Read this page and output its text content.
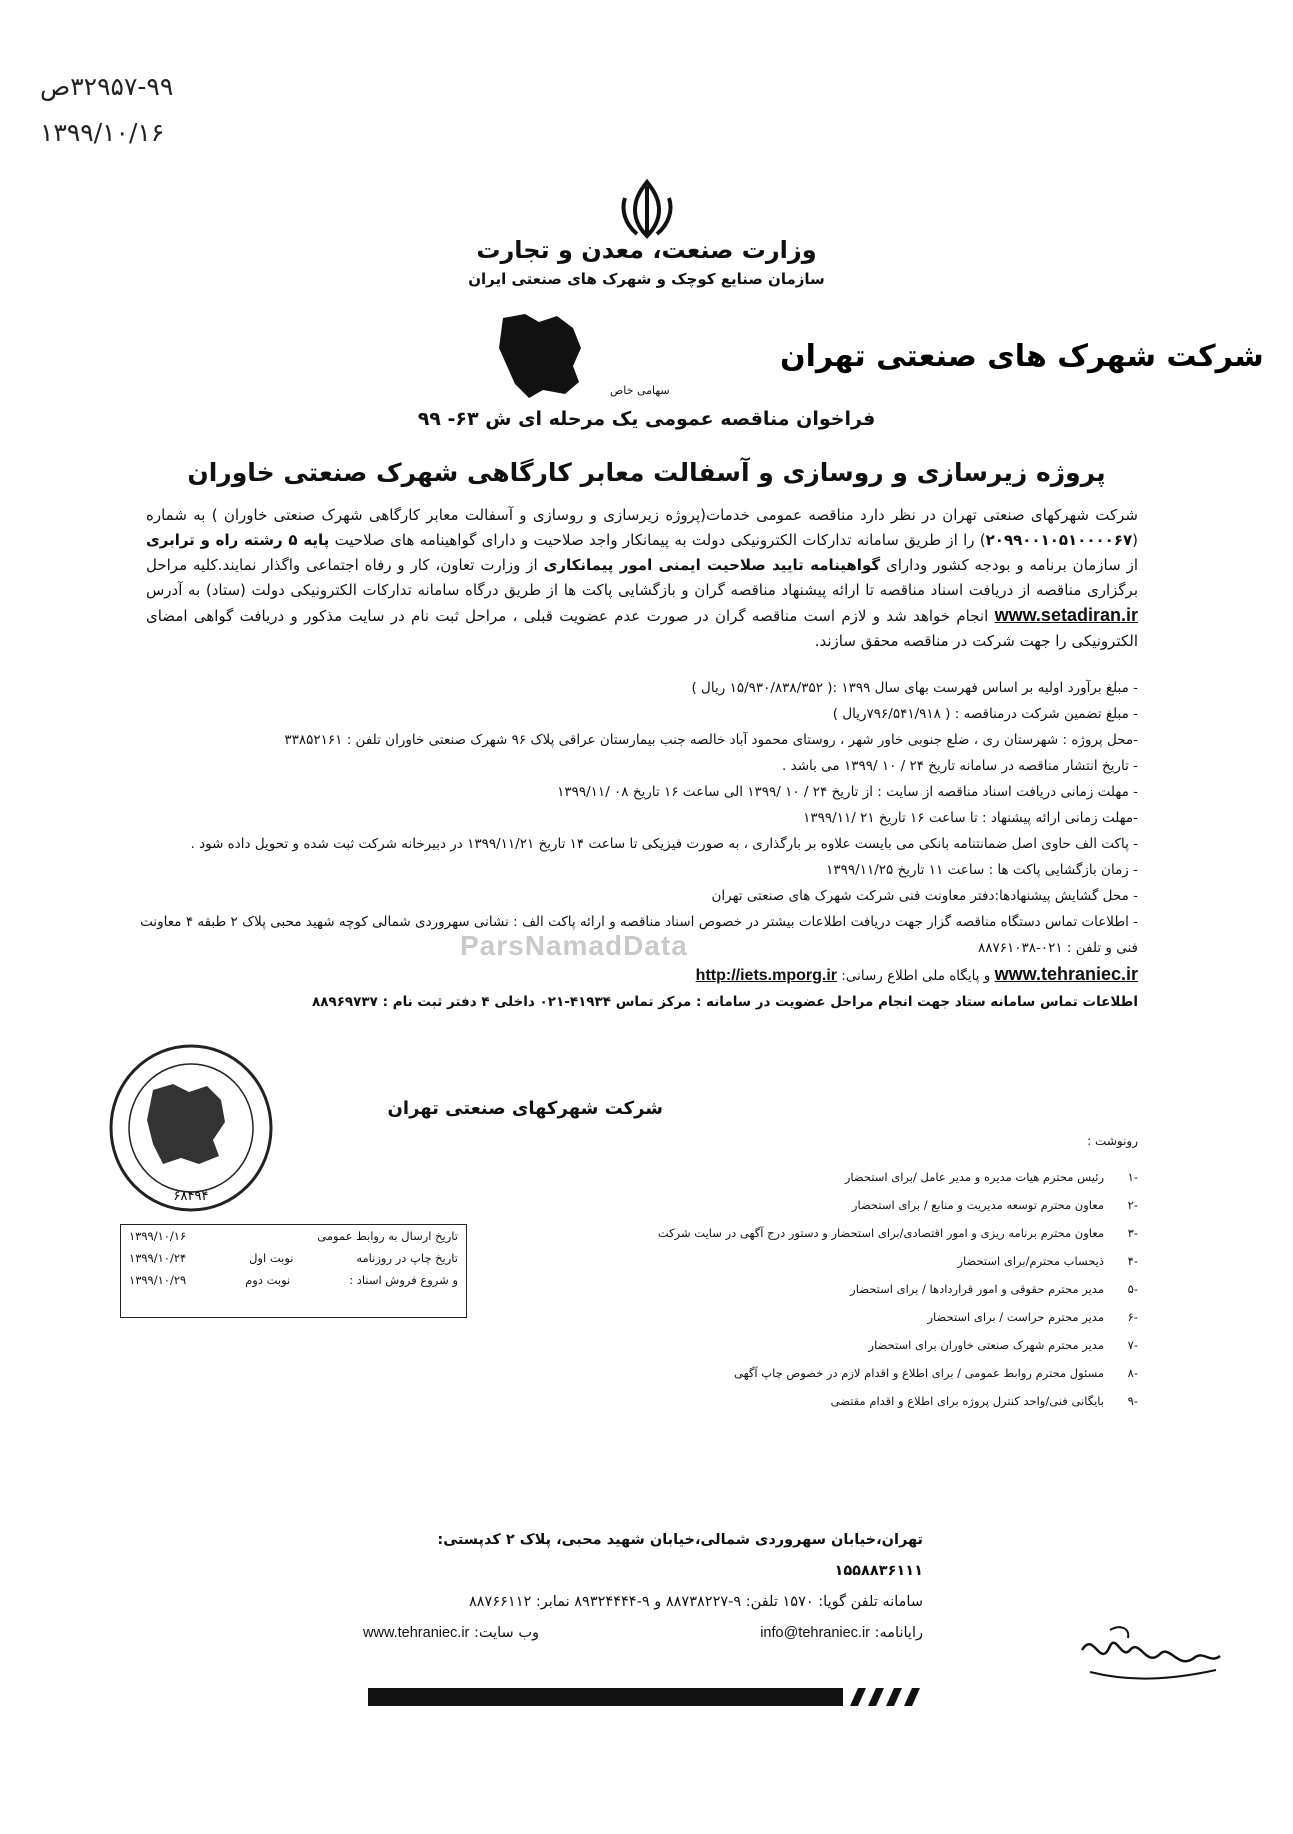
۳۲۹۵۷-۹۹ص
۱۳۹۹/۱۰/۱۶
وزارت صنعت، معدن و تجارت
سازمان صنایع کوچک و شهرک های صنعتی ایران
شرکت شهرک های صنعتی تهران
سهامی خاص
فراخوان مناقصه عمومی یک مرحله ای ش ۶۳- ۹۹
پروژه زیرسازی و روسازی و آسفالت معابر کارگاهی شهرک صنعتی خاوران
شرکت شهرکهای صنعتی تهران در نظر دارد مناقصه عمومی خدمات(پروژه زیرسازی و روسازی و آسفالت معابر کارگاهی شهرک صنعتی خاوران ) به شماره (۲۰۹۹۰۰۱۰۵۱۰۰۰۰۶۷) را از طریق سامانه تدارکات الکترونیکی دولت به پیمانکار واجد صلاحیت و دارای گواهینامه های صلاحیت پایه ۵ رشته راه و ترابری از سازمان برنامه و بودجه کشور ودارای گواهینامه تایید صلاحیت ایمنی امور پیمانکاری از وزارت تعاون، کار و رفاه اجتماعی واگذار نمایند.کلیه مراحل برگزاری مناقصه از دریافت اسناد مناقصه تا ارائه پیشنهاد مناقصه گران و بازگشایی پاکت ها از طریق درگاه سامانه تدارکات الکترونیکی دولت (ستاد) به آدرس www.setadiran.ir انجام خواهد شد و لازم است مناقصه گران در صورت عدم عضویت قبلی ، مراحل ثبت نام در سایت مذکور و دریافت گواهی امضای الکترونیکی را جهت شرکت در مناقصه محقق سازند.
- مبلغ برآورد اولیه بر اساس فهرست بهای سال ۱۳۹۹ :( ۱۵/۹۳۰/۸۳۸/۳۵۲ ریال )
- مبلغ تضمین شرکت درمناقصه : ( ۷۹۶/۵۴۱/۹۱۸ریال )
-محل پروژه : شهرستان ری ، ضلع جنوبی خاور شهر ، روستای محمود آباد خالصه جنب بیمارستان عراقی پلاک ۹۶ شهرک صنعتی خاوران تلفن : ۳۳۸۵۲۱۶۱
- تاریخ انتشار مناقصه در سامانه تاریخ ۲۴ / ۱۰ /۱۳۹۹ می باشد .
- مهلت زمانی دریافت اسناد مناقصه از سایت : از تاریخ ۲۴ / ۱۰ /۱۳۹۹ الی ساعت ۱۶ تاریخ ۰۸ /۱۳۹۹/۱۱
-مهلت زمانی ارائه پیشنهاد : تا ساعت ۱۶ تاریخ ۲۱ /۱۳۹۹/۱۱
- پاکت الف حاوی اصل ضمانتنامه بانکی می بایست علاوه بر بارگذاری ، به صورت فیزیکی تا ساعت ۱۴ تاریخ ۱۳۹۹/۱۱/۲۱ در دبیرخانه شرکت ثبت شده و تحویل داده شود .
- زمان بازگشایی پاکت ها : ساعت ۱۱ تاریخ ۱۳۹۹/۱۱/۲۵
- محل گشایش پیشنهادها:دفتر معاونت فنی شرکت شهرک های صنعتی تهران
- اطلاعات تماس دستگاه مناقصه گزار جهت دریافت اطلاعات بیشتر در خصوص اسناد مناقصه و ارائه پاکت الف : نشانی سهروردی شمالی کوچه شهید محبی پلاک ۲ طبقه ۴ معاونت فنی و تلفن : ۰۲۱-۸۸۷۶۱۰۳۸
www.tehraniec.ir و پایگاه ملی اطلاع رسانی: http://iets.mporg.ir
اطلاعات تماس سامانه ستاد جهت انجام مراحل عضویت در سامانه : مرکز تماس ۴۱۹۳۴-۰۲۱ داخلی ۴ دفتر ثبت نام : ۸۸۹۶۹۷۳۷
شرکت شهرکهای صنعتی تهران
۶۸۴۹۴
ParsNamadData
تاریخ ارسال به روابط عمومی
۱۳۹۹/۱۰/۱۶
تاریخ چاپ در روزنامه
نوبت اول
۱۳۹۹/۱۰/۲۴
و شروع فروش اسناد :
نوبت دوم
۱۳۹۹/۱۰/۲۹
رونوشت :
-۱
رئیس محترم هیات مدیره و مدیر عامل /برای استحضار
-۲
معاون محترم توسعه مدیریت و منابع / برای استحضار
-۳
معاون محترم برنامه ریزی و امور اقتصادی/برای استحضار و دستور درج آگهی در سایت شرکت
-۴
ذیحساب محترم/برای استحضار
-۵
مدیر محترم حقوقی و امور قراردادها / برای استحضار
-۶
مدیر محترم حراست / برای استحضار
-۷
مدیر محترم شهرک صنعتی خاوران برای استحضار
-۸
مسئول محترم روابط عمومی / برای اطلاع و اقدام لازم در خصوص چاپ آگهی
-۹
بایگانی فنی/واحد کنترل پروژه برای اطلاع و اقدام مقتضی
تهران،خیابان سهروردی شمالی،خیابان شهید محبی، پلاک ۲ کدپستی: ۱۵۵۸۸۳۶۱۱۱
سامانه تلفن گویا: ۱۵۷۰ تلفن: ۹-۸۸۷۳۸۲۲۷ و ۹-۸۹۳۲۴۴۴۴ نمابر: ۸۸۷۶۶۱۱۲
رایانامه: info@tehraniec.ir
وب سایت: www.tehraniec.ir
